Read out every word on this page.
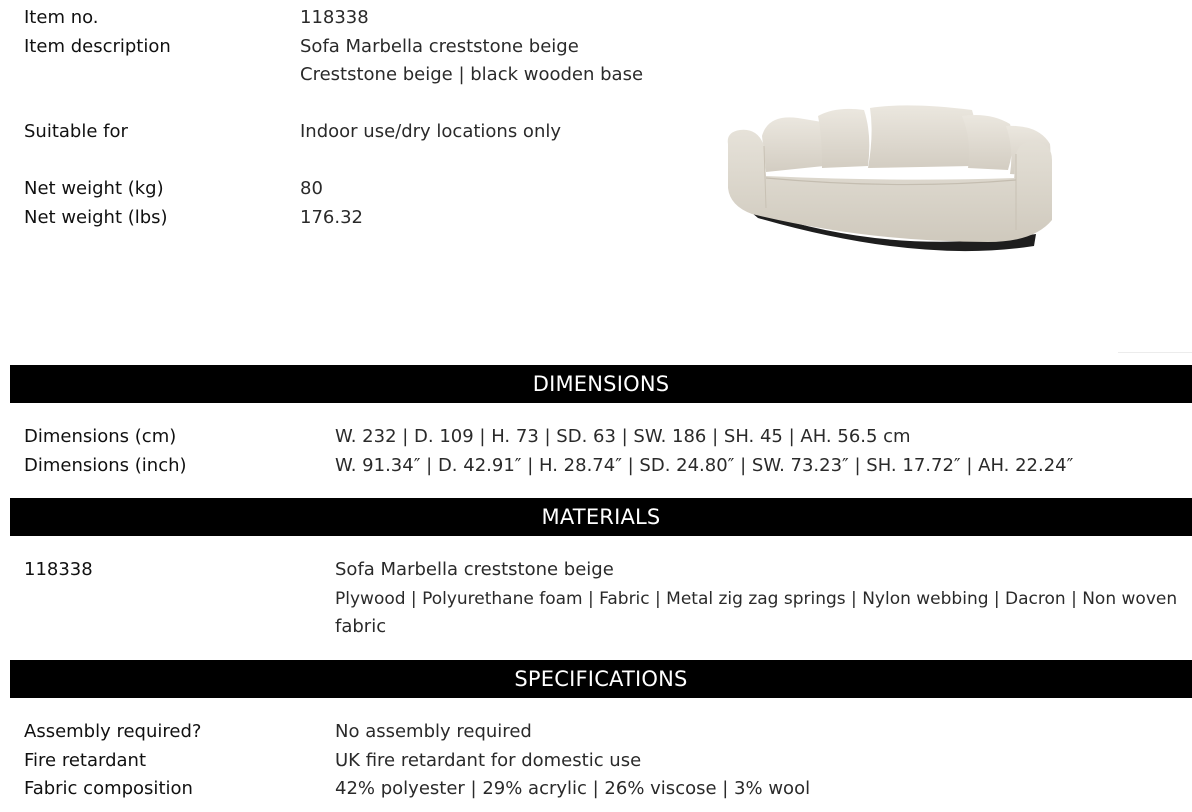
Item no.	118338
Item description	Sofa Marbella creststone beige
Creststone beige | black wooden base
Suitable for	Indoor use/dry locations only
Net weight (kg)	80
Net weight (lbs)	176.32
DIMENSIONS
Dimensions (cm)	W. 232 | D. 109 | H. 73 | SD. 63 | SW. 186 | SH. 45 | AH. 56.5 cm
Dimensions (inch)	W. 91.34″ | D. 42.91″ | H. 28.74″ | SD. 24.80″ | SW. 73.23″ | SH. 17.72″ | AH. 22.24″
MATERIALS
118338	Sofa Marbella creststone beige
Plywood | Polyurethane foam | Fabric | Metal zig zag springs | Nylon webbing | Dacron | Non woven
fabric
SPECIFICATIONS
Assembly required?	No assembly required
Fire retardant	UK fire retardant for domestic use
Fabric composition	42% polyester | 29% acrylic | 26% viscose | 3% wool
